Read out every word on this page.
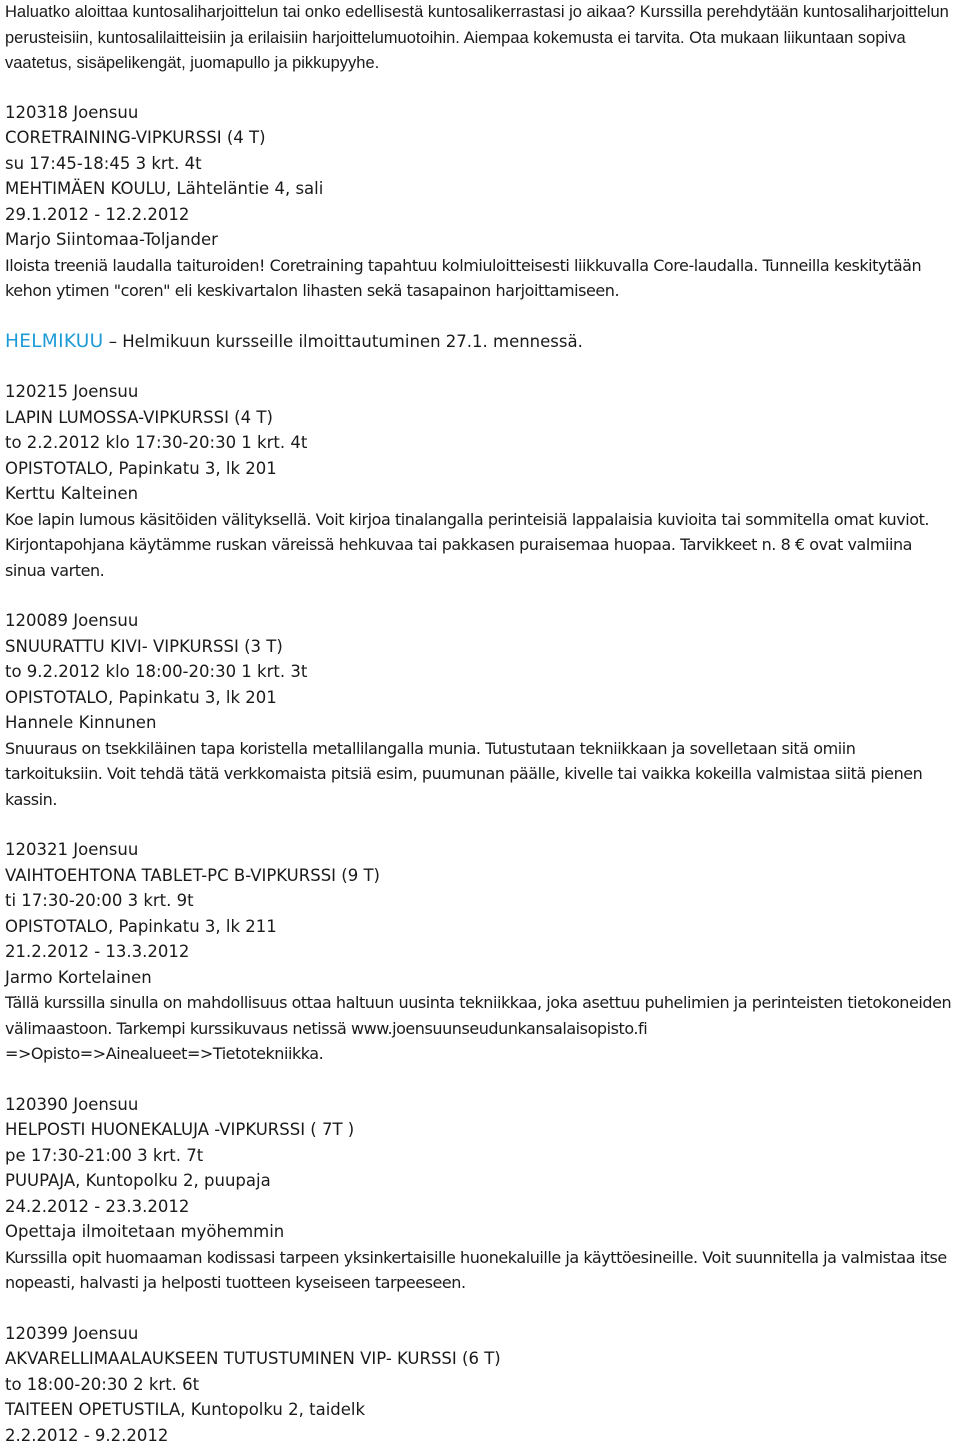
Haluatko aloittaa kuntosaliharjoittelun tai onko edellisestä kuntosalikerrastasi jo aikaa? Kurssilla perehdytään kuntosaliharjoittelun perusteisiin, kuntosalilaitteisiin ja erilaisiin harjoittelumuotoihin. Aiempaa kokemusta ei tarvita. Ota mukaan liikuntaan sopiva vaatetus, sisäpelikengät, juomapullo ja pikkupyyhe.

120318 Joensuu
CORETRAINING-VIPKURSSI (4 T)
su 17:45-18:45 3 krt. 4t
MEHTIMÄEN KOULU, Lähteläntie 4, sali
29.1.2012 - 12.2.2012
Marjo Siintomaa-Toljander
Iloista treeniä laudalla taituroiden! Coretraining tapahtuu kolmiuloitteisesti liikkuvalla Core-laudalla. Tunneilla keskitytään kehon ytimen "coren" eli keskivartalon lihasten sekä tasapainon harjoittamiseen.
HELMIKUU – Helmikuun kursseille ilmoittautuminen 27.1. mennessä.
120215 Joensuu
LAPIN LUMOSSA-VIPKURSSI (4 T)
to 2.2.2012 klo 17:30-20:30 1 krt. 4t
OPISTOTALO, Papinkatu 3, lk 201
Kerttu Kalteinen
Koe lapin lumous käsitöiden välityksellä. Voit kirjoa tinalangalla perinteisiä lappalaisia kuvioita tai sommitella omat kuviot. Kirjontapohjana käytämme ruskan väreissä hehkuvaa tai pakkasen puraisemaa huopaa. Tarvikkeet n. 8 € ovat valmiina sinua varten.
120089 Joensuu
SNUURATTU KIVI- VIPKURSSI (3 T)
to 9.2.2012 klo 18:00-20:30 1 krt. 3t
OPISTOTALO, Papinkatu 3, lk 201
Hannele Kinnunen
Snuuraus on tsekkiläinen tapa koristella metallilangalla munia. Tutustutaan tekniikkaan ja sovelletaan sitä omiin tarkoituksiin. Voit tehdä tätä verkkomaista pitsiä esim, puumunan päälle, kivelle tai vaikka kokeilla valmistaa siitä pienen kassin.
120321 Joensuu
VAIHTOEHTONA TABLET-PC B-VIPKURSSI (9 T)
ti 17:30-20:00 3 krt. 9t
OPISTOTALO, Papinkatu 3, lk 211
21.2.2012 - 13.3.2012
Jarmo Kortelainen
Tällä kurssilla sinulla on mahdollisuus ottaa haltuun uusinta tekniikkaa, joka asettuu puhelimien ja perinteisten tietokoneiden välimaastoon. Tarkempi kurssikuvaus netissä www.joensuunseudunkansalaisopisto.fi =>Opisto=>Ainealueet=>Tietotekniikka.
120390 Joensuu
HELPOSTI HUONEKALUJA -VIPKURSSI ( 7T )
pe 17:30-21:00 3 krt. 7t
PUUPAJA, Kuntopolku 2, puupaja
24.2.2012 - 23.3.2012
Opettaja ilmoitetaan myöhemmin
Kurssilla opit huomaaman kodissasi tarpeen yksinkertaisille huonekaluille ja käyttöesineille. Voit suunnitella ja valmistaa itse nopeasti, halvasti ja helposti tuotteen kyseiseen tarpeeseen.
120399 Joensuu
AKVARELLIMAALAUKSEEN TUTUSTUMINEN VIP- KURSSI (6 T)
to 18:00-20:30 2 krt. 6t
TAITEEN OPETUSTILA, Kuntopolku 2, taidelk
2.2.2012 - 9.2.2012
